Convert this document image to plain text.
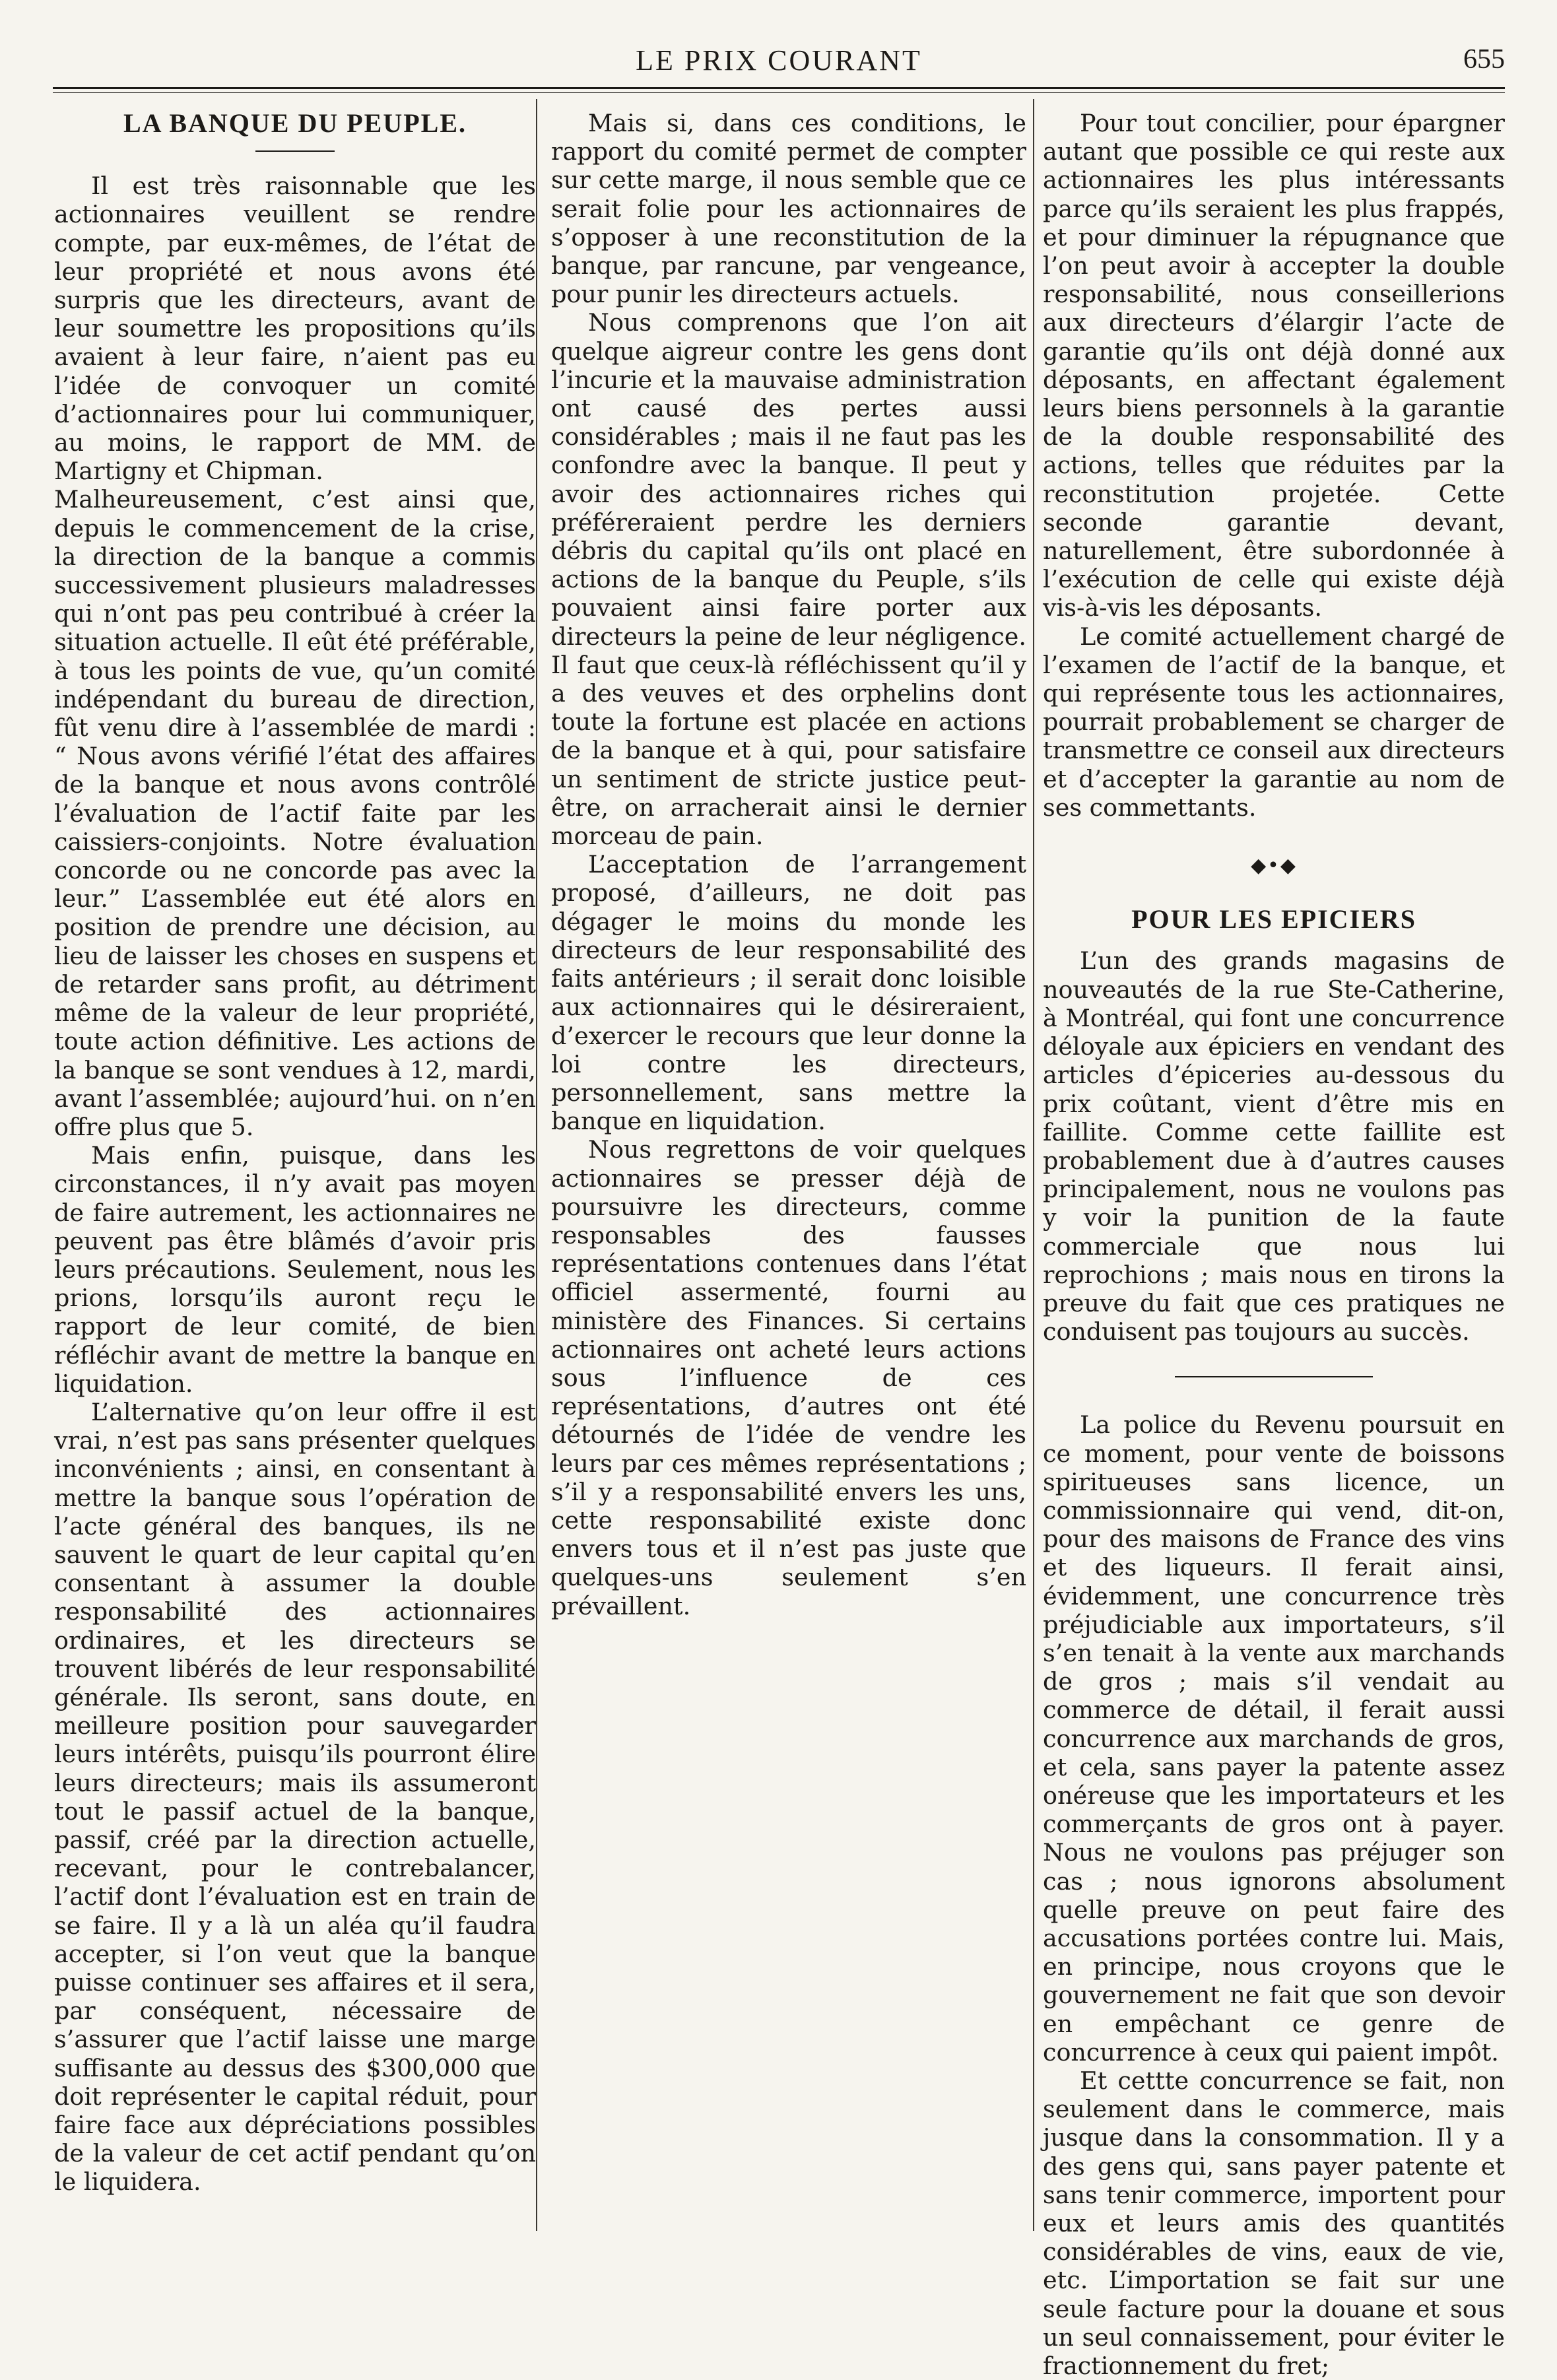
LE PRIX COURANT	655
LA BANQUE DU PEUPLE.

Il est très raisonnable que les actionnaires veuillent se rendre compte, par eux-mêmes, de l’état de leur propriété et nous avons été surpris que les directeurs, avant de leur soumettre les propositions qu’ils avaient à leur faire, n’aient pas eu l’idée de convoquer un comité d’actionnaires pour lui communiquer, au moins, le rapport de MM. de Martigny et Chipman.

Malheureusement, c’est ainsi que, depuis le commencement de la crise, la direction de la banque a commis successivement plusieurs maladresses qui n’ont pas peu contribué à créer la situation actuelle. Il eût été préférable, à tous les points de vue, qu’un comité indépendant du bureau de direction, fût venu dire à l’assemblée de mardi : “ Nous avons vérifié l’état des affaires de la banque et nous avons contrôlé l’évaluation de l’actif faite par les caissiers-conjoints. Notre évaluation concorde ou ne concorde pas avec la leur.” L’assemblée eut été alors en position de prendre une décision, au lieu de laisser les choses en suspens et de retarder sans profit, au détriment même de la valeur de leur propriété, toute action définitive. Les actions de la banque se sont vendues à 12, mardi, avant l’assemblée; aujourd’hui. on n’en offre plus que 5.

Mais enfin, puisque, dans les circonstances, il n’y avait pas moyen de faire autrement, les actionnaires ne peuvent pas être blâmés d’avoir pris leurs précautions. Seulement, nous les prions, lorsqu’ils auront reçu le rapport de leur comité, de bien réfléchir avant de mettre la banque en liquidation.

L’alternative qu’on leur offre il est vrai, n’est pas sans présenter quelques inconvénients ; ainsi, en consentant à mettre la banque sous l’opération de l’acte général des banques, ils ne sauvent le quart de leur capital qu’en consentant à assumer la double responsabilité des actionnaires ordinaires, et les directeurs se trouvent libérés de leur responsabilité générale. Ils seront, sans doute, en meilleure position pour sauvegarder leurs intérêts, puisqu’ils pourront élire leurs directeurs; mais ils assumeront tout le passif actuel de la banque, passif, créé par la direction actuelle, recevant, pour le contrebalancer, l’actif dont l’évaluation est en train de se faire. Il y a là un aléa qu’il faudra accepter, si l’on veut que la banque puisse continuer ses affaires et il sera, par conséquent, nécessaire de s’assurer que l’actif laisse une marge suffisante au dessus des $300,000 que doit représenter le capital réduit, pour faire face aux dépréciations possibles de la valeur de cet actif pendant qu’on le liquidera.

Mais si, dans ces conditions, le rapport du comité permet de compter sur cette marge, il nous semble que ce serait folie pour les actionnaires de s’opposer à une reconstitution de la banque, par rancune, par vengeance, pour punir les directeurs actuels.

Nous comprenons que l’on ait quelque aigreur contre les gens dont l’incurie et la mauvaise administration ont causé des pertes aussi considérables ; mais il ne faut pas les confondre avec la banque. Il peut y avoir des actionnaires riches qui préféreraient perdre les derniers débris du capital qu’ils ont placé en actions de la banque du Peuple, s’ils pouvaient ainsi faire porter aux directeurs la peine de leur négligence. Il faut que ceux-là réfléchissent qu’il y a des veuves et des orphelins dont toute la fortune est placée en actions de la banque et à qui, pour satisfaire un sentiment de stricte justice peut-être, on arracherait ainsi le dernier morceau de pain.

L’acceptation de l’arrangement proposé, d’ailleurs, ne doit pas dégager le moins du monde les directeurs de leur responsabilité des faits antérieurs ; il serait donc loisible aux actionnaires qui le désireraient, d’exercer le recours que leur donne la loi contre les directeurs, personnellement, sans mettre la banque en liquidation.

Nous regrettons de voir quelques actionnaires se presser déjà de poursuivre les directeurs, comme responsables des fausses représentations contenues dans l’état officiel assermenté, fourni au ministère des Finances. Si certains actionnaires ont acheté leurs actions sous l’influence de ces représentations, d’autres ont été détournés de l’idée de vendre les leurs par ces mêmes représentations ; s’il y a responsabilité envers les uns, cette responsabilité existe donc envers tous et il n’est pas juste que quelques-uns seulement s’en prévaillent.

Pour tout concilier, pour épargner autant que possible ce qui reste aux actionnaires les plus intéressants parce qu’ils seraient les plus frappés, et pour diminuer la répugnance que l’on peut avoir à accepter la double responsabilité, nous conseillerions aux directeurs d’élargir l’acte de garantie qu’ils ont déjà donné aux déposants, en affectant également leurs biens personnels à la garantie de la double responsabilité des actions, telles que réduites par la reconstitution projetée. Cette seconde garantie devant, naturellement, être subordonnée à l’exécution de celle qui existe déjà vis-à-vis les déposants.

Le comité actuellement chargé de l’examen de l’actif de la banque, et qui représente tous les actionnaires, pourrait probablement se charger de transmettre ce conseil aux directeurs et d’accepter la garantie au nom de ses commettants.

◆•◆
POUR LES EPICIERS

L’un des grands magasins de nouveautés de la rue Ste-Catherine, à Montréal, qui font une concurrence déloyale aux épiciers en vendant des articles d’épiceries au-dessous du prix coûtant, vient d’être mis en faillite. Comme cette faillite est probablement due à d’autres causes principalement, nous ne voulons pas y voir la punition de la faute commerciale que nous lui reprochions ; mais nous en tirons la preuve du fait que ces pratiques ne conduisent pas toujours au succès.

La police du Revenu poursuit en ce moment, pour vente de boissons spiritueuses sans licence, un commissionnaire qui vend, dit-on, pour des maisons de France des vins et des liqueurs. Il ferait ainsi, évidemment, une concurrence très préjudiciable aux importateurs, s’il s’en tenait à la vente aux marchands de gros ; mais s’il vendait au commerce de détail, il ferait aussi concurrence aux marchands de gros, et cela, sans payer la patente assez onéreuse que les importateurs et les commerçants de gros ont à payer. Nous ne voulons pas préjuger son cas ; nous ignorons absolument quelle preuve on peut faire des accusations portées contre lui. Mais, en principe, nous croyons que le gouvernement ne fait que son devoir en empêchant ce genre de concurrence à ceux qui paient impôt.

Et cettte concurrence se fait, non seulement dans le commerce, mais jusque dans la consommation. Il y a des gens qui, sans payer patente et sans tenir commerce, importent pour eux et leurs amis des quantités considérables de vins, eaux de vie, etc. L’importation se fait sur une seule facture pour la douane et sous un seul connaissement, pour éviter le fractionnement du fret;
